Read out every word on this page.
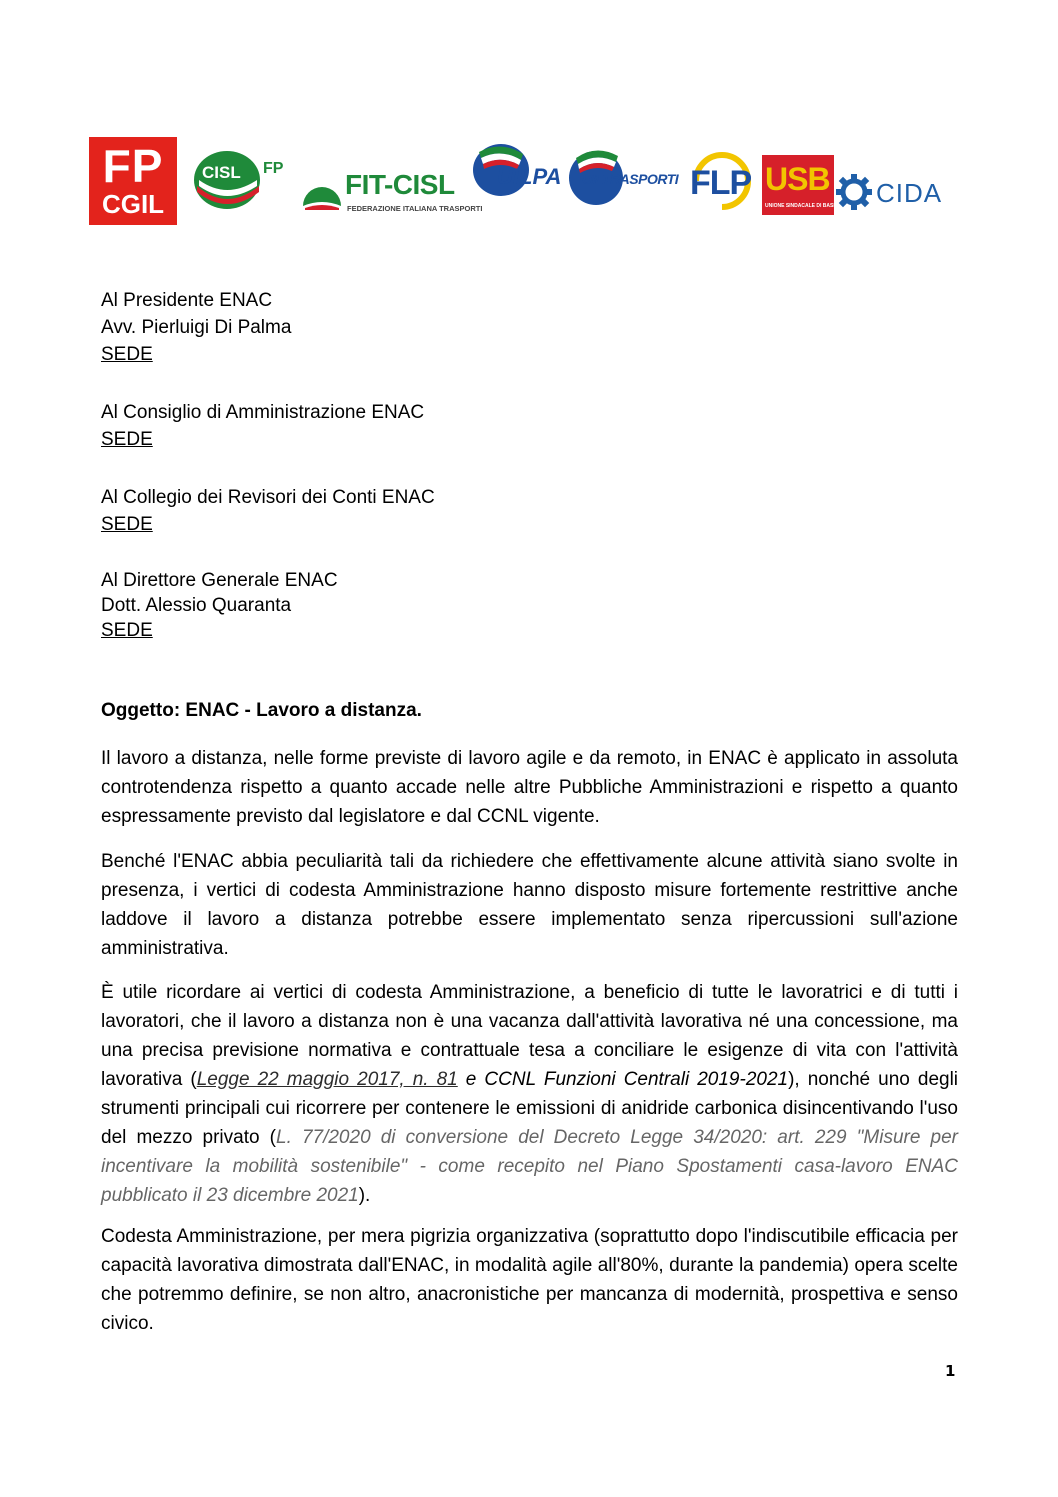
FP
CGIL
CISL FP
FIT-CISL
FEDERAZIONE ITALIANA TRASPORTI
UILPA UILTRASPORTI FLP USB
UNIONE SINDACALE DI BASE CIDA
Al Presidente ENAC
Avv. Pierluigi Di Palma
SEDE
Al Consiglio di Amministrazione ENAC
SEDE
Al Collegio dei Revisori dei Conti ENAC
SEDE
Al Direttore Generale ENAC
Dott. Alessio Quaranta
SEDE
Oggetto: ENAC - Lavoro a distanza.
Il lavoro a distanza, nelle forme previste di lavoro agile e da remoto, in ENAC è applicato in assoluta controtendenza rispetto a quanto accade nelle altre Pubbliche Amministrazioni e rispetto a quanto espressamente previsto dal legislatore e dal CCNL vigente.
Benché l'ENAC abbia peculiarità tali da richiedere che effettivamente alcune attività siano svolte in presenza, i vertici di codesta Amministrazione hanno disposto misure fortemente restrittive anche laddove il lavoro a distanza potrebbe essere implementato senza ripercussioni sull'azione amministrativa.
È utile ricordare ai vertici di codesta Amministrazione, a beneficio di tutte le lavoratrici e di tutti i lavoratori, che il lavoro a distanza non è una vacanza dall'attività lavorativa né una concessione, ma una precisa previsione normativa e contrattuale tesa a conciliare le esigenze di vita con l'attività lavorativa (Legge 22 maggio 2017, n. 81 e CCNL Funzioni Centrali 2019-2021), nonché uno degli strumenti principali cui ricorrere per contenere le emissioni di anidride carbonica disincentivando l'uso del mezzo privato (L. 77/2020 di conversione del Decreto Legge 34/2020: art. 229 "Misure per incentivare la mobilità sostenibile" - come recepito nel Piano Spostamenti casa-lavoro ENAC pubblicato il 23 dicembre 2021).
Codesta Amministrazione, per mera pigrizia organizzativa (soprattutto dopo l'indiscutibile efficacia per capacità lavorativa dimostrata dall'ENAC, in modalità agile all'80%, durante la pandemia) opera scelte che potremmo definire, se non altro, anacronistiche per mancanza di modernità, prospettiva e senso civico.
1
